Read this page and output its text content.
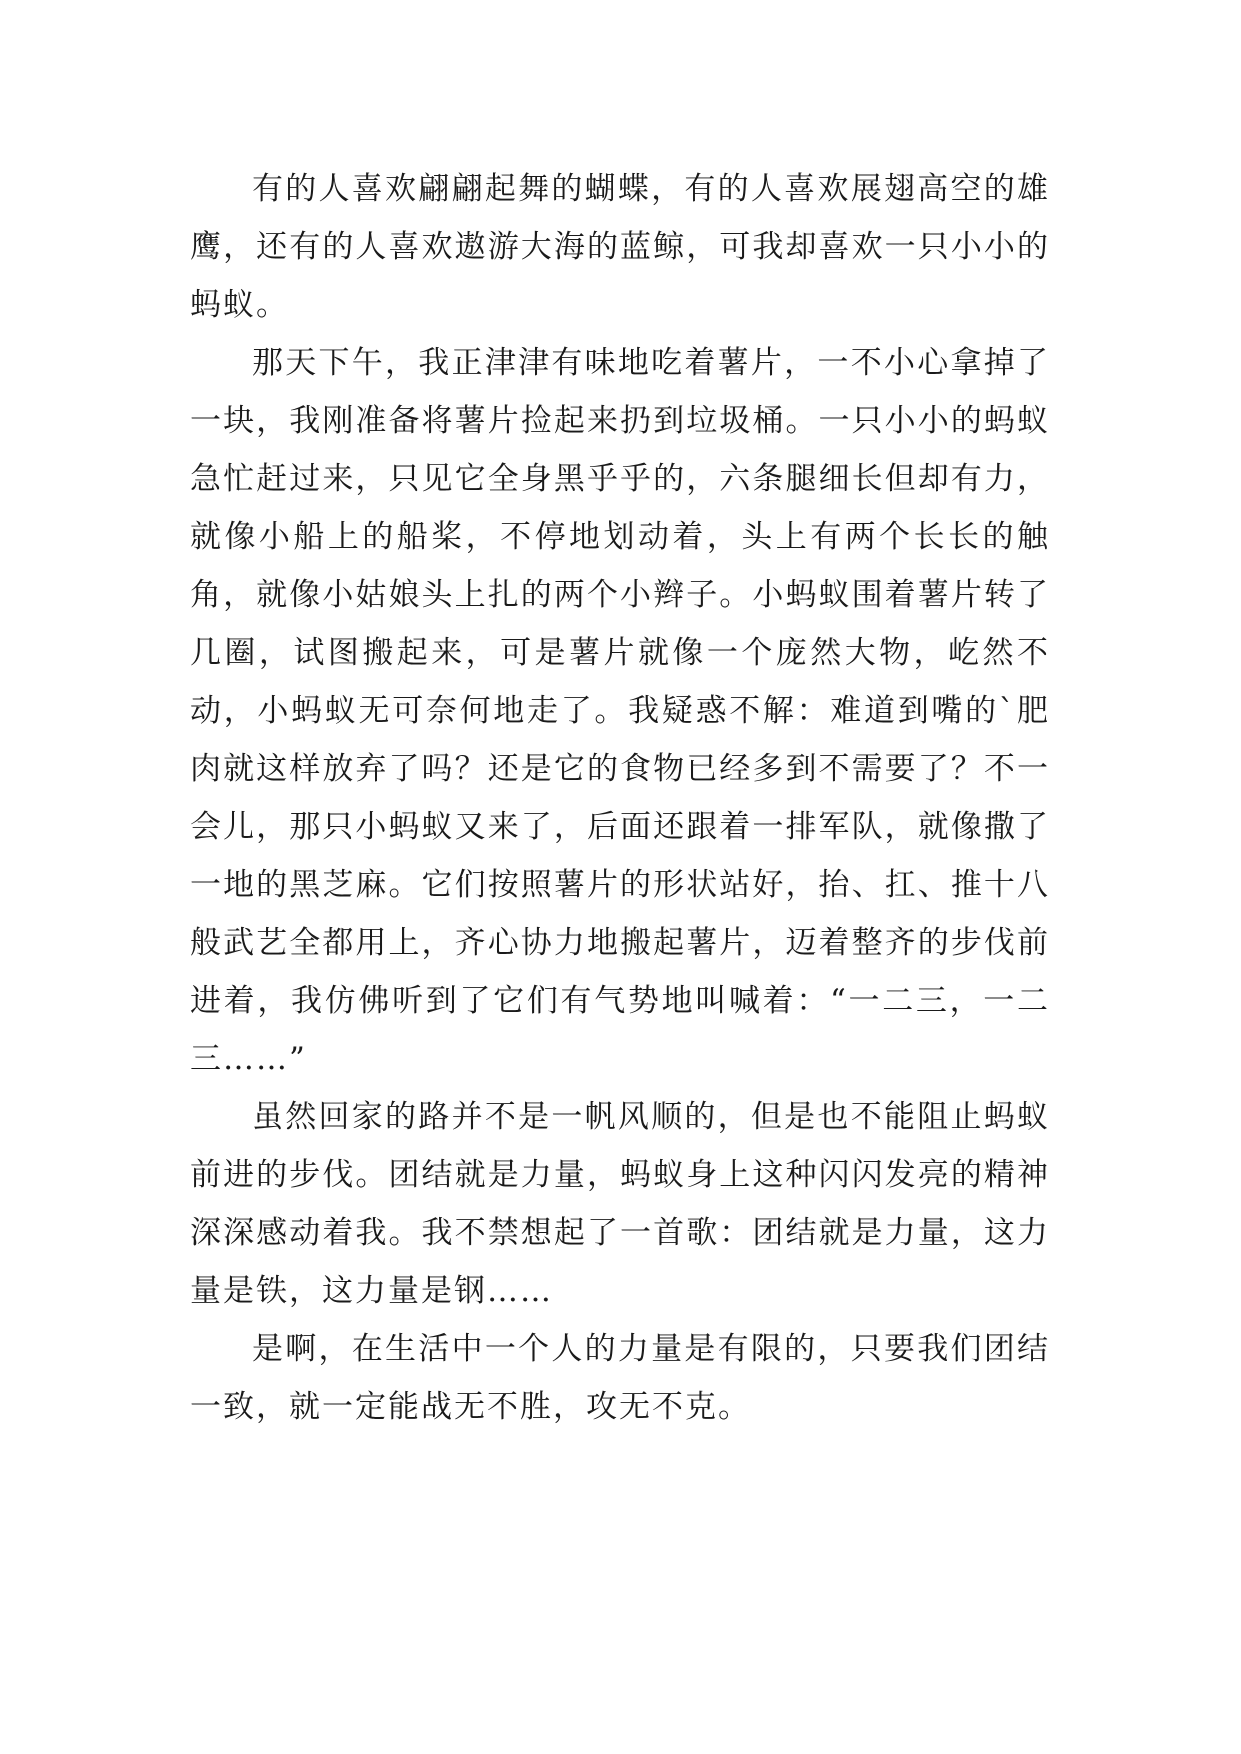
有的人喜欢翩翩起舞的蝴蝶，有的人喜欢展翅高空的雄鹰，还有的人喜欢遨游大海的蓝鲸，可我却喜欢一只小小的蚂蚁。

那天下午，我正津津有味地吃着薯片，一不小心拿掉了一块，我刚准备将薯片捡起来扔到垃圾桶。一只小小的蚂蚁急忙赶过来，只见它全身黑乎乎的，六条腿细长但却有力，就像小船上的船桨，不停地划动着，头上有两个长长的触角，就像小姑娘头上扎的两个小辫子。小蚂蚁围着薯片转了几圈，试图搬起来，可是薯片就像一个庞然大物，屹然不动，小蚂蚁无可奈何地走了。我疑惑不解：难道到嘴的`肥肉就这样放弃了吗？还是它的食物已经多到不需要了？不一会儿，那只小蚂蚁又来了，后面还跟着一排军队，就像撒了一地的黑芝麻。它们按照薯片的形状站好，抬、扛、推十八般武艺全都用上，齐心协力地搬起薯片，迈着整齐的步伐前进着，我仿佛听到了它们有气势地叫喊着：“一二三，一二三……”

虽然回家的路并不是一帆风顺的，但是也不能阻止蚂蚁前进的步伐。团结就是力量，蚂蚁身上这种闪闪发亮的精神深深感动着我。我不禁想起了一首歌：团结就是力量，这力量是铁，这力量是钢……

是啊，在生活中一个人的力量是有限的，只要我们团结一致，就一定能战无不胜，攻无不克。
